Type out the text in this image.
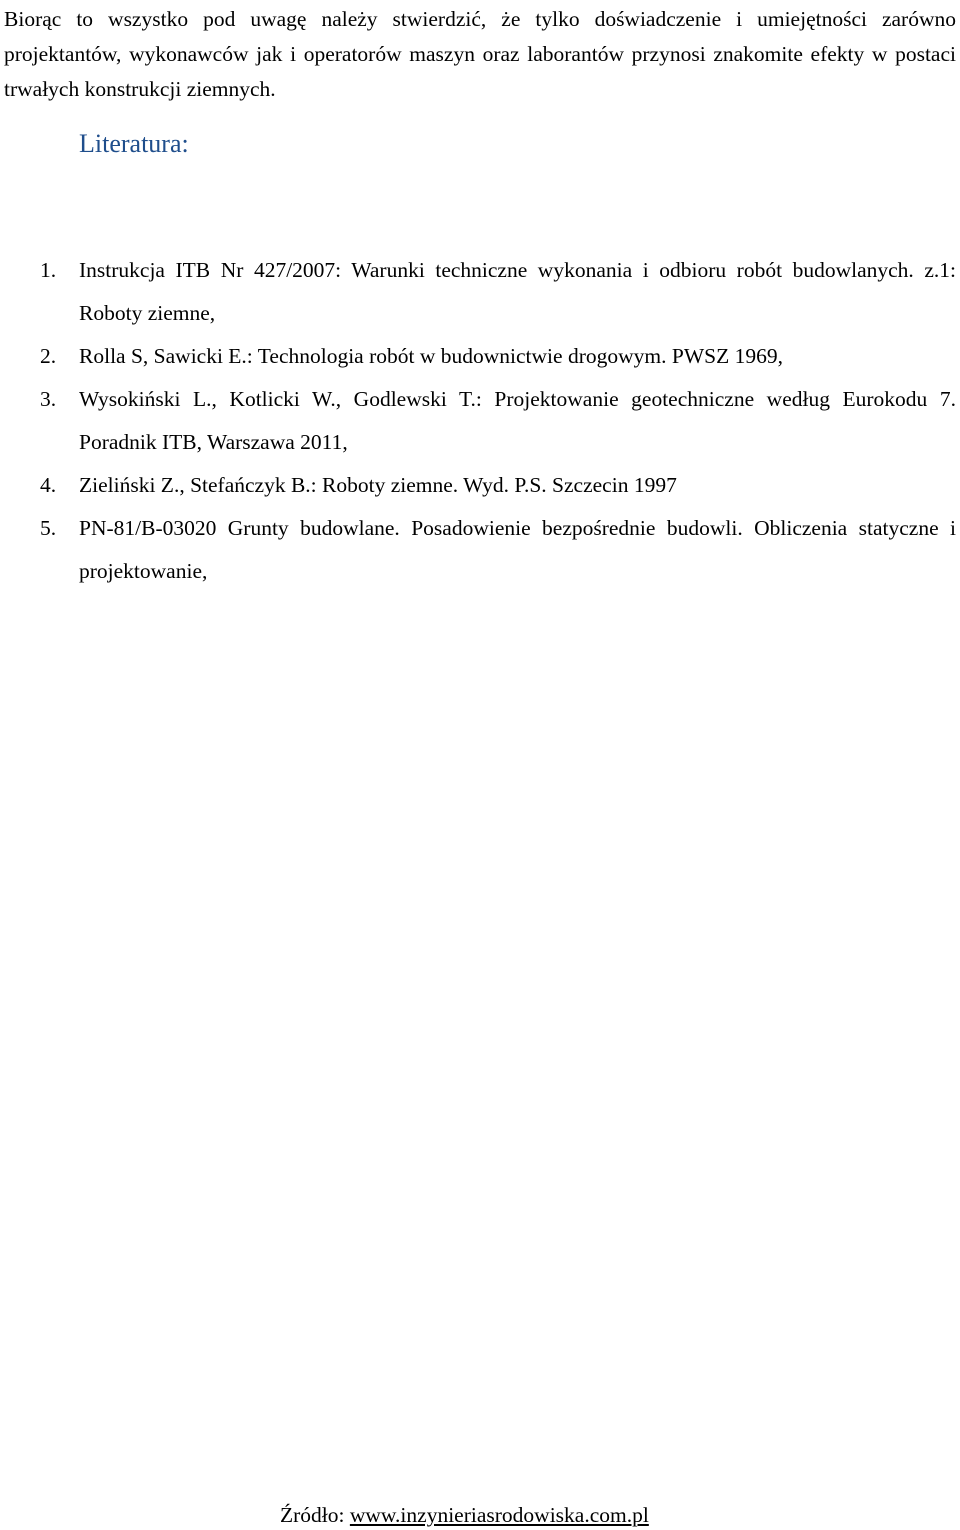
Biorąc to wszystko pod uwagę należy stwierdzić, że tylko doświadczenie i umiejętności zarówno projektantów, wykonawców jak i operatorów maszyn oraz laborantów przynosi znakomite efekty w postaci trwałych konstrukcji ziemnych.

Literatura:
1. Instrukcja ITB Nr 427/2007: Warunki techniczne wykonania i odbioru robót budowlanych. z.1: Roboty ziemne,
2. Rolla S, Sawicki E.: Technologia robót w budownictwie drogowym. PWSZ 1969,
3. Wysokiński L., Kotlicki W., Godlewski T.: Projektowanie geotechniczne według Eurokodu 7. Poradnik ITB, Warszawa 2011,
4. Zieliński Z., Stefańczyk B.: Roboty ziemne. Wyd. P.S. Szczecin 1997
5. PN-81/B-03020 Grunty budowlane. Posadowienie bezpośrednie budowli. Obliczenia statyczne i projektowanie,

Źródło: www.inzynieriasrodowiska.com.pl
